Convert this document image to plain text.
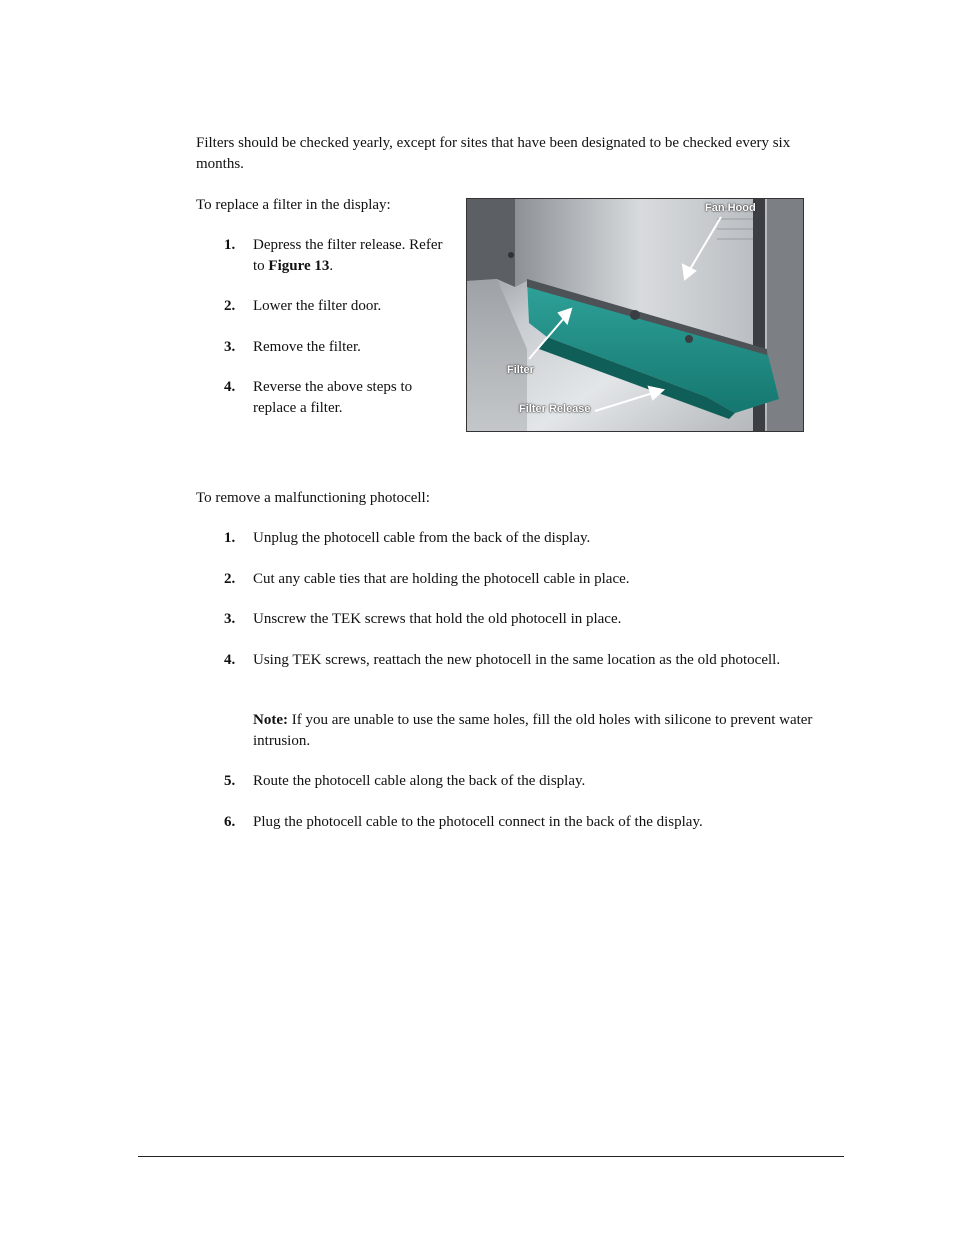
Filters should be checked yearly, except for sites that have been designated to be checked every six months.
To replace a filter in the display:
1. Depress the filter release. Refer to Figure 13.
2. Lower the filter door.
3. Remove the filter.
4. Reverse the above steps to replace a filter.
Fan Hood
Filter
Filter Release
To remove a malfunctioning photocell:
1. Unplug the photocell cable from the back of the display.
2. Cut any cable ties that are holding the photocell cable in place.
3. Unscrew the TEK screws that hold the old photocell in place.
4. Using TEK screws, reattach the new photocell in the same location as the old photocell.
Note: If you are unable to use the same holes, fill the old holes with silicone to prevent water intrusion.
5. Route the photocell cable along the back of the display.
6. Plug the photocell cable to the photocell connect in the back of the display.
